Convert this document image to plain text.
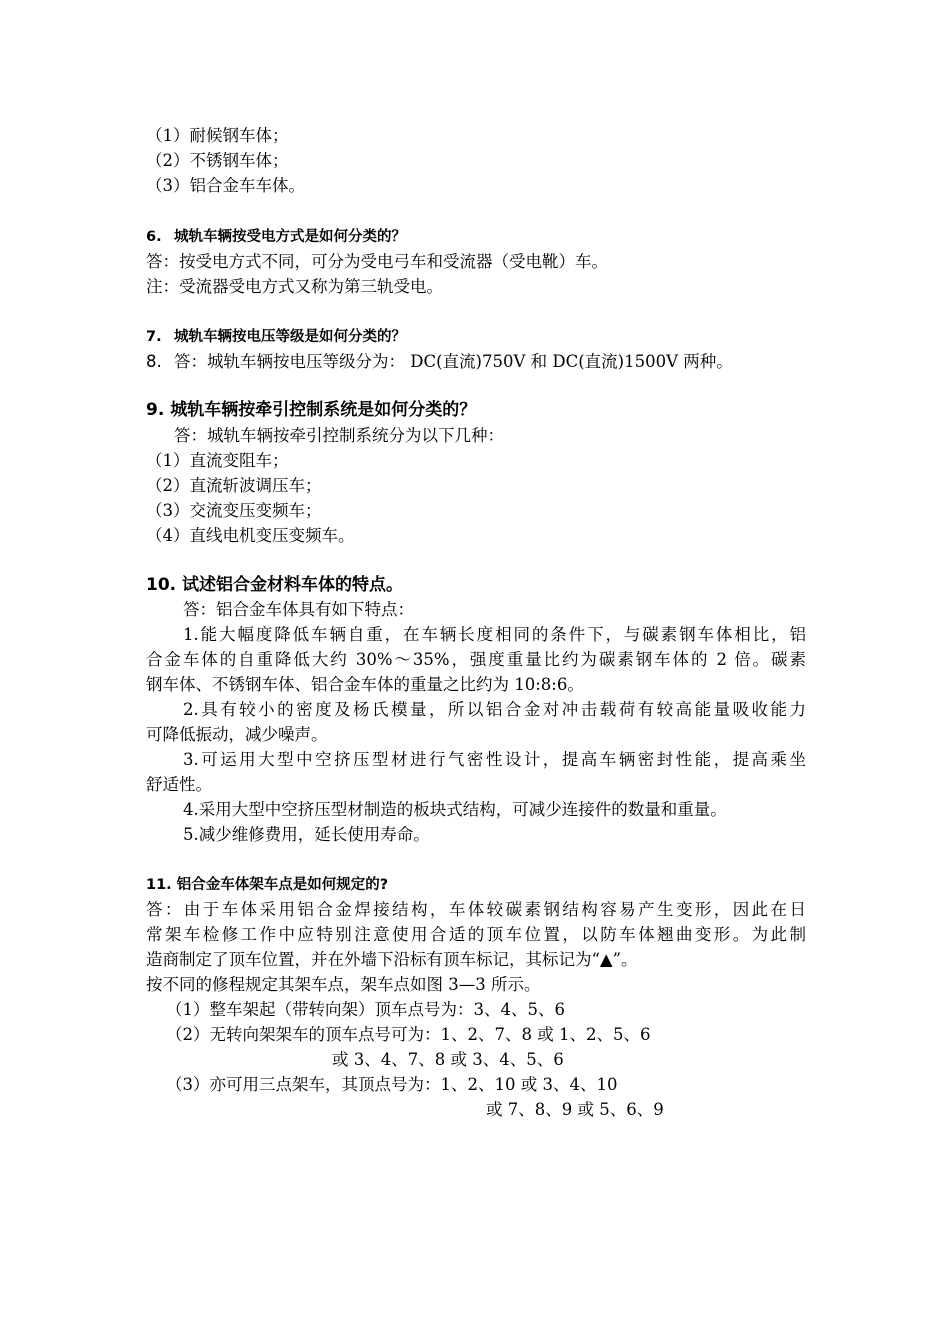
（1）耐候钢车体；
（2）不锈钢车体；
（3）铝合金车车体。
6. 城轨车辆按受电方式是如何分类的？
答：按受电方式不同，可分为受电弓车和受流器（受电靴）车。
注：受流器受电方式又称为第三轨受电。
7. 城轨车辆按电压等级是如何分类的？
8. 答：城轨车辆按电压等级分为： DC(直流)750V 和 DC(直流)1500V 两种。
9. 城轨车辆按牵引控制系统是如何分类的？
答：城轨车辆按牵引控制系统分为以下几种：
（1）直流变阻车；
（2）直流斩波调压车；
（3）交流变压变频车；
（4）直线电机变压变频车。
10. 试述铝合金材料车体的特点。
答：铝合金车体具有如下特点：
1.能大幅度降低车辆自重，在车辆长度相同的条件下，与碳素钢车体相比，铝
合金车体的自重降低大约 30%～35%，强度重量比约为碳素钢车体的 2 倍。碳素
钢车体、不锈钢车体、铝合金车体的重量之比约为 10:8:6。
2.具有较小的密度及杨氏模量，所以铝合金对冲击载荷有较高能量吸收能力
可降低振动，减少噪声。
3.可运用大型中空挤压型材进行气密性设计，提高车辆密封性能，提高乘坐
舒适性。
4.采用大型中空挤压型材制造的板块式结构，可减少连接件的数量和重量。
5.减少维修费用，延长使用寿命。
11. 铝合金车体架车点是如何规定的?
答：由于车体采用铝合金焊接结构，车体较碳素钢结构容易产生变形，因此在日
常架车检修工作中应特别注意使用合适的顶车位置，以防车体翘曲变形。为此制
造商制定了顶车位置，并在外墙下沿标有顶车标记，其标记为“▲”。
按不同的修程规定其架车点，架车点如图 3—3 所示。
（1）整车架起（带转向架）顶车点号为：3、4、5、6
（2）无转向架架车的顶车点号可为：1、2、7、8 或 1、2、5、6
或 3、4、7、8 或 3、4、5、6
（3）亦可用三点架车，其顶点号为：1、2、10 或 3、4、10
或 7、8、9 或 5、6、9
